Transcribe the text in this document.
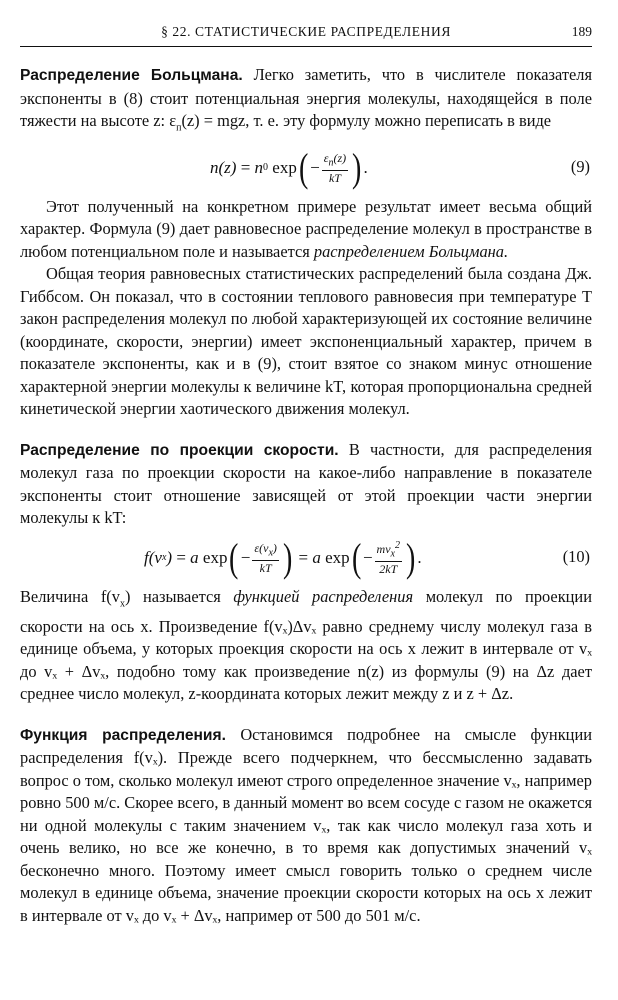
§ 22. СТАТИСТИЧЕСКИЕ РАСПРЕДЕЛЕНИЯ	189

Распределение Больцмана. Легко заметить, что в числителе показателя экспоненты в (8) стоит потенциальная энергия молекулы, находящейся в поле тяжести на высоте z: $\varepsilon_п(z)$ = mgz, т. е. эту формулу можно переписать в виде

n(z) = n 0 exp ( − $\frac{\varepsilon_п(z)}{kT}$ ) .	(9)

Этот полученный на конкретном примере результат имеет весьма общий характер. Формула (9) дает равновесное распределение молекул в пространстве в любом потенциальном поле и называется распределением Больцмана.

Общая теория равновесных статистических распределений была создана Дж. Гиббсом. Он показал, что в состоянии теплового равновесия при температуре T закон распределения молекул по любой характеризующей их состояние величине (координате, скорости, энергии) имеет экспоненциальный характер, причем в показателе экспоненты, как и в (9), стоит взятое со знаком минус отношение характерной энергии молекулы к величине kT, которая пропорциональна средней кинетической энергии хаотического движения молекул.

Распределение по проекции скорости. В частности, для распределения молекул газа по проекции скорости на какое-либо направление в показателе экспоненты стоит отношение зависящей от этой проекции части энергии молекулы к kT:

f(v x ) = a exp ( − $\frac{\varepsilon(v_x)}{kT}$ ) = a exp ( − $\frac{mv_x^2}{2kT}$ ) .	(10)

Величина $f(v_x)$ называется функцией распределения молекул по проекции скорости на ось x. Произведение f(vₓ)Δvₓ равно среднему числу молекул газа в единице объема, у которых проекция скорости на ось x лежит в интервале от vₓ до vₓ + Δvₓ, подобно тому как произведение n(z) из формулы (9) на Δz дает среднее число молекул, z-координата которых лежит между z и z + Δz.

Функция распределения. Остановимся подробнее на смысле функции распределения f(vₓ). Прежде всего подчеркнем, что бессмысленно задавать вопрос о том, сколько молекул имеют строго определенное значение vₓ, например ровно 500 м/с. Скорее всего, в данный момент во всем сосуде с газом не окажется ни одной молекулы с таким значением vₓ, так как число молекул газа хоть и очень велико, но все же конечно, в то время как допустимых значений vₓ бесконечно много. Поэтому имеет смысл говорить только о среднем числе молекул в единице объема, значение проекции скорости которых на ось x лежит в интервале от vₓ до vₓ + Δvₓ, например от 500 до 501 м/с.
